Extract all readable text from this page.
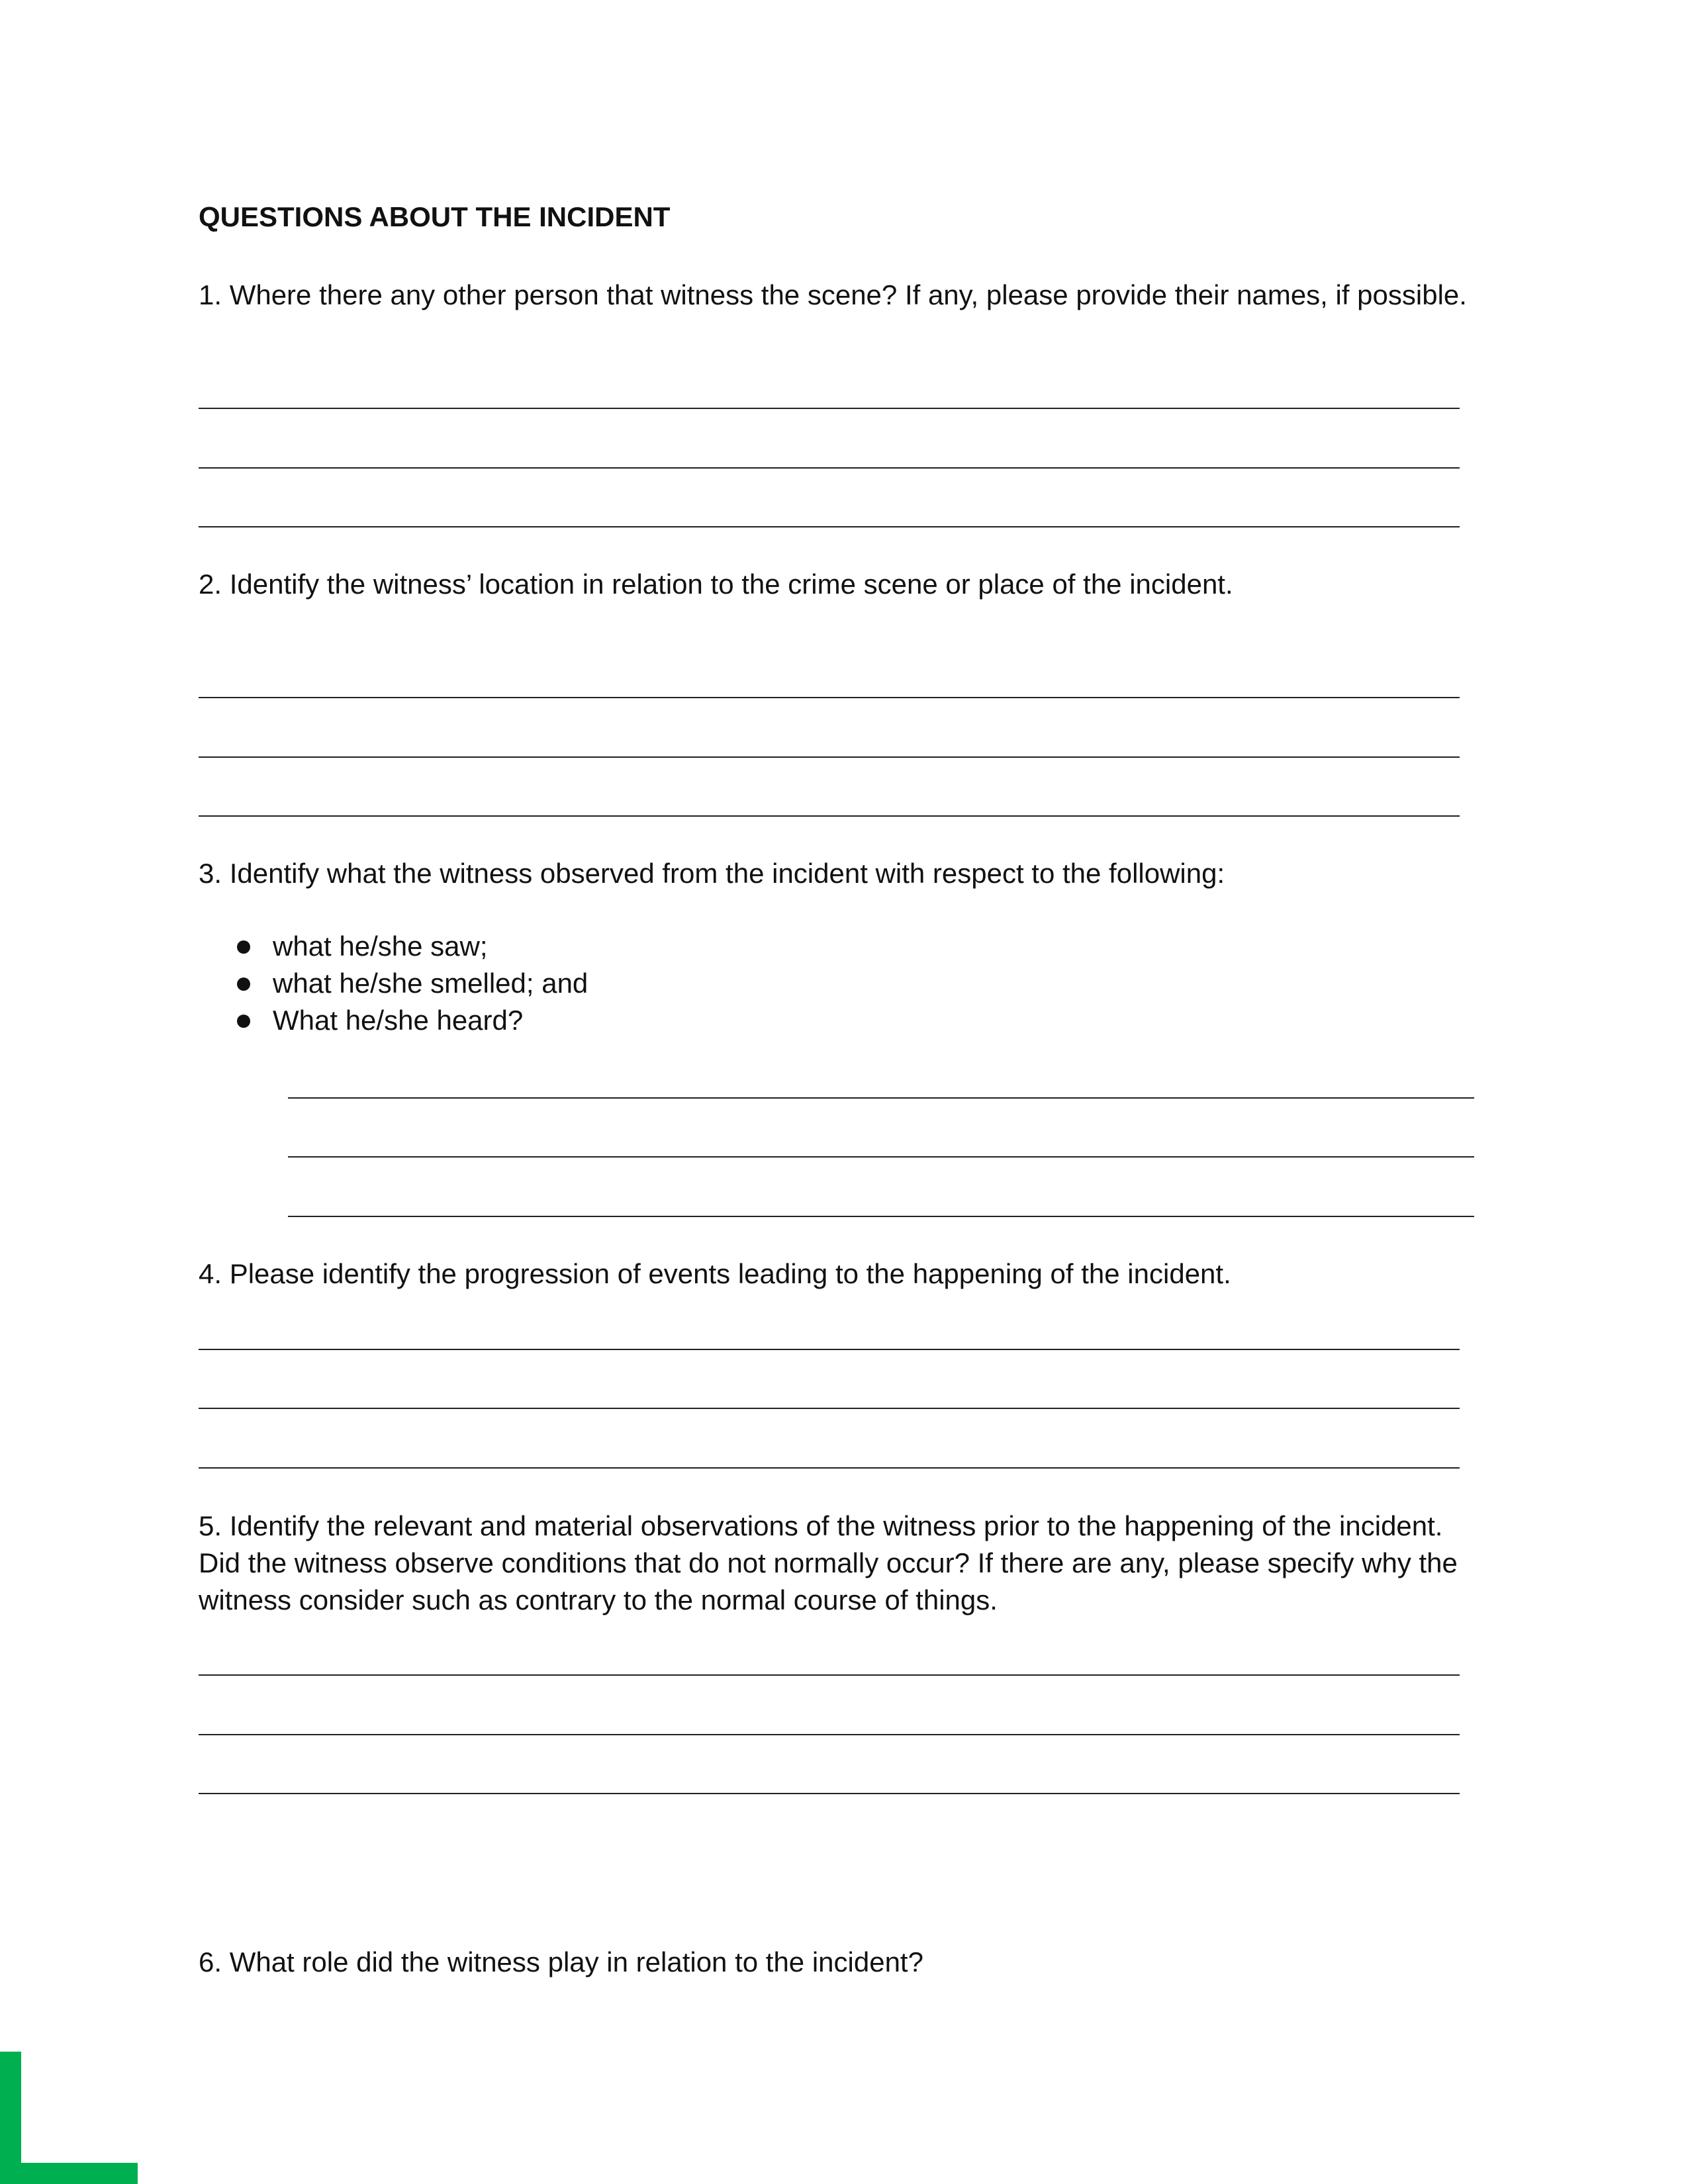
QUESTIONS ABOUT THE INCIDENT
1. Where there any other person that witness the scene? If any, please provide their names, if possible.
2. Identify the witness’ location in relation to the crime scene or place of the incident.
3. Identify what the witness observed from the incident with respect to the following:
what he/she saw;
what he/she smelled; and
What he/she heard?
4. Please identify the progression of events leading to the happening of the incident.
5. Identify the relevant and material observations of the witness prior to the happening of the incident.
Did the witness observe conditions that do not normally occur? If there are any, please specify why the
witness consider such as contrary to the normal course of things.
6. What role did the witness play in relation to the incident?
